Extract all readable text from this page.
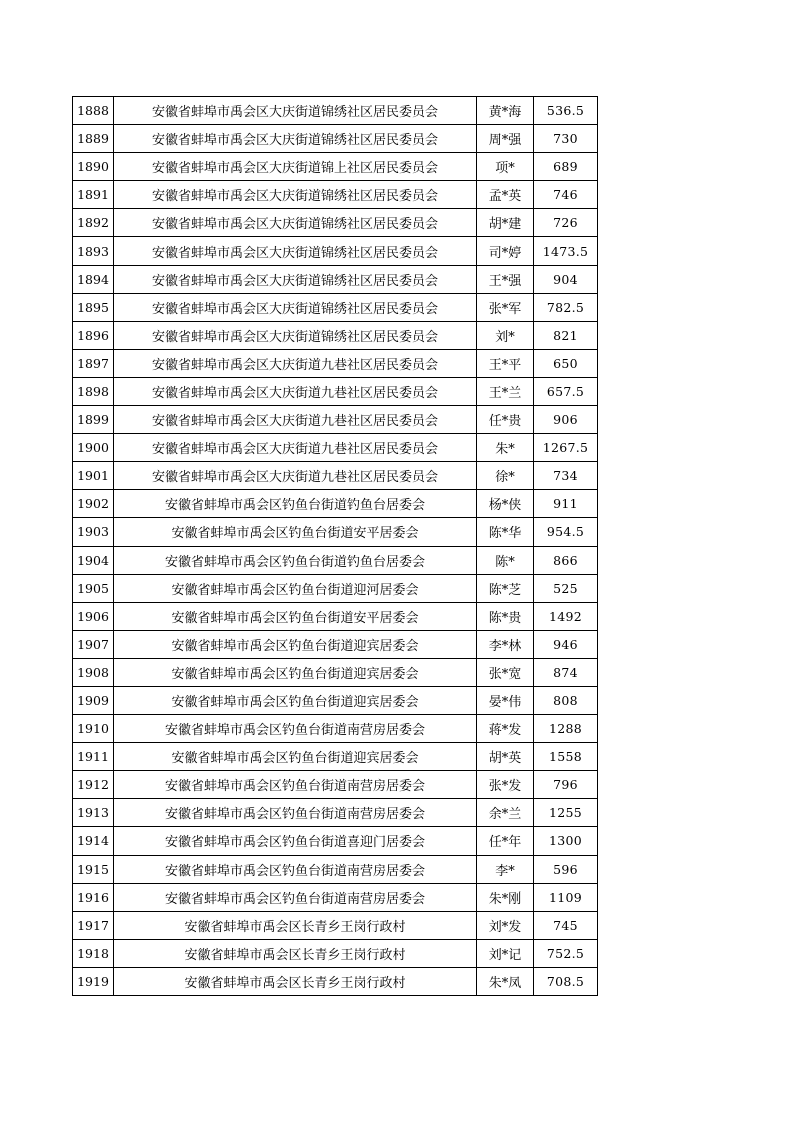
1888	安徽省蚌埠市禹会区大庆街道锦绣社区居民委员会	黄*海	536.5
1889	安徽省蚌埠市禹会区大庆街道锦绣社区居民委员会	周*强	730
1890	安徽省蚌埠市禹会区大庆街道锦上社区居民委员会	项*	689
1891	安徽省蚌埠市禹会区大庆街道锦绣社区居民委员会	孟*英	746
1892	安徽省蚌埠市禹会区大庆街道锦绣社区居民委员会	胡*建	726
1893	安徽省蚌埠市禹会区大庆街道锦绣社区居民委员会	司*婷	1473.5
1894	安徽省蚌埠市禹会区大庆街道锦绣社区居民委员会	王*强	904
1895	安徽省蚌埠市禹会区大庆街道锦绣社区居民委员会	张*军	782.5
1896	安徽省蚌埠市禹会区大庆街道锦绣社区居民委员会	刘*	821
1897	安徽省蚌埠市禹会区大庆街道九巷社区居民委员会	王*平	650
1898	安徽省蚌埠市禹会区大庆街道九巷社区居民委员会	王*兰	657.5
1899	安徽省蚌埠市禹会区大庆街道九巷社区居民委员会	任*贵	906
1900	安徽省蚌埠市禹会区大庆街道九巷社区居民委员会	朱*	1267.5
1901	安徽省蚌埠市禹会区大庆街道九巷社区居民委员会	徐*	734
1902	安徽省蚌埠市禹会区钓鱼台街道钓鱼台居委会	杨*侠	911
1903	安徽省蚌埠市禹会区钓鱼台街道安平居委会	陈*华	954.5
1904	安徽省蚌埠市禹会区钓鱼台街道钓鱼台居委会	陈*	866
1905	安徽省蚌埠市禹会区钓鱼台街道迎河居委会	陈*芝	525
1906	安徽省蚌埠市禹会区钓鱼台街道安平居委会	陈*贵	1492
1907	安徽省蚌埠市禹会区钓鱼台街道迎宾居委会	李*林	946
1908	安徽省蚌埠市禹会区钓鱼台街道迎宾居委会	张*宽	874
1909	安徽省蚌埠市禹会区钓鱼台街道迎宾居委会	晏*伟	808
1910	安徽省蚌埠市禹会区钓鱼台街道南营房居委会	蒋*发	1288
1911	安徽省蚌埠市禹会区钓鱼台街道迎宾居委会	胡*英	1558
1912	安徽省蚌埠市禹会区钓鱼台街道南营房居委会	张*发	796
1913	安徽省蚌埠市禹会区钓鱼台街道南营房居委会	余*兰	1255
1914	安徽省蚌埠市禹会区钓鱼台街道喜迎门居委会	任*年	1300
1915	安徽省蚌埠市禹会区钓鱼台街道南营房居委会	李*	596
1916	安徽省蚌埠市禹会区钓鱼台街道南营房居委会	朱*刚	1109
1917	安徽省蚌埠市禹会区长青乡王岗行政村	刘*发	745
1918	安徽省蚌埠市禹会区长青乡王岗行政村	刘*记	752.5
1919	安徽省蚌埠市禹会区长青乡王岗行政村	朱*凤	708.5
